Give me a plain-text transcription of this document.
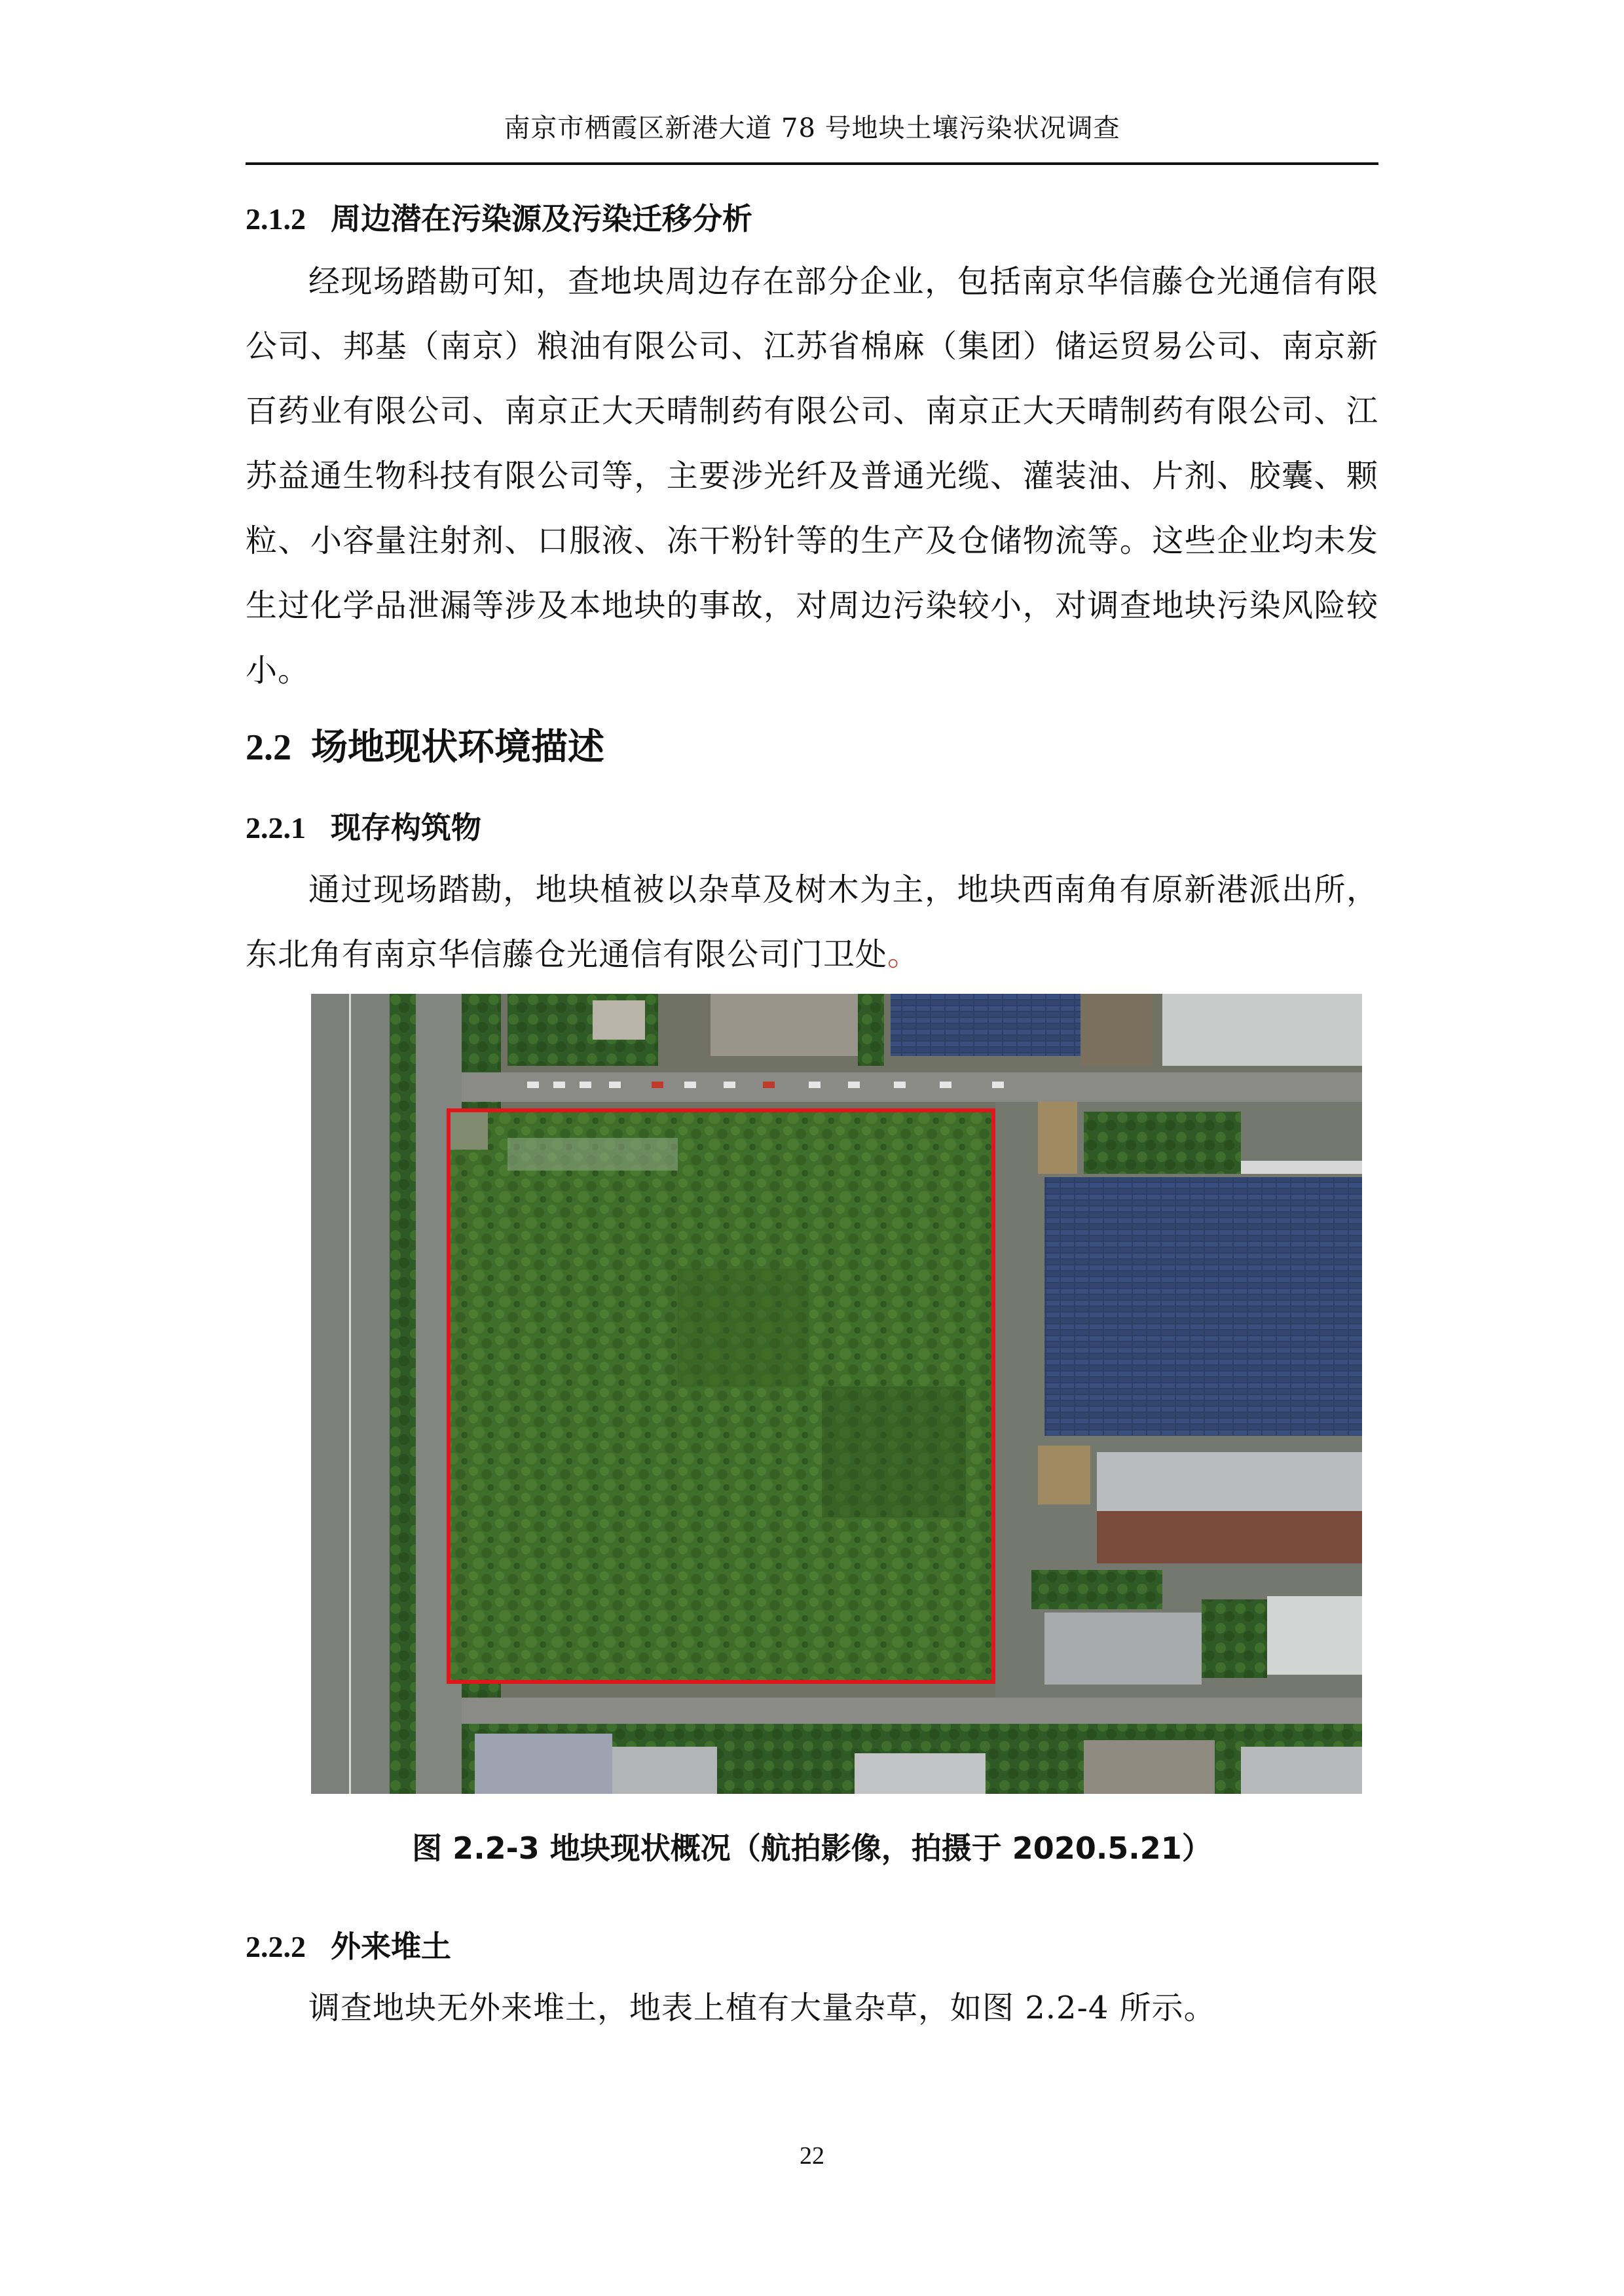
南京市栖霞区新港大道 78 号地块土壤污染状况调查
2.1.2 周边潜在污染源及污染迁移分析
经现场踏勘可知，查地块周边存在部分企业，包括南京华信藤仓光通信有限公司、邦基（南京）粮油有限公司、江苏省棉麻（集团）储运贸易公司、南京新百药业有限公司、南京正大天晴制药有限公司、南京正大天晴制药有限公司、江苏益通生物科技有限公司等，主要涉光纤及普通光缆、灌装油、片剂、胶囊、颗粒、小容量注射剂、口服液、冻干粉针等的生产及仓储物流等。这些企业均未发生过化学品泄漏等涉及本地块的事故，对周边污染较小，对调查地块污染风险较小。
2.2 场地现状环境描述
2.2.1 现存构筑物
通过现场踏勘，地块植被以杂草及树木为主，地块西南角有原新港派出所，东北角有南京华信藤仓光通信有限公司门卫处。
图 2.2-3 地块现状概况（航拍影像，拍摄于 2020.5.21）
2.2.2 外来堆土
调查地块无外来堆土，地表上植有大量杂草，如图 2.2-4 所示。
22
